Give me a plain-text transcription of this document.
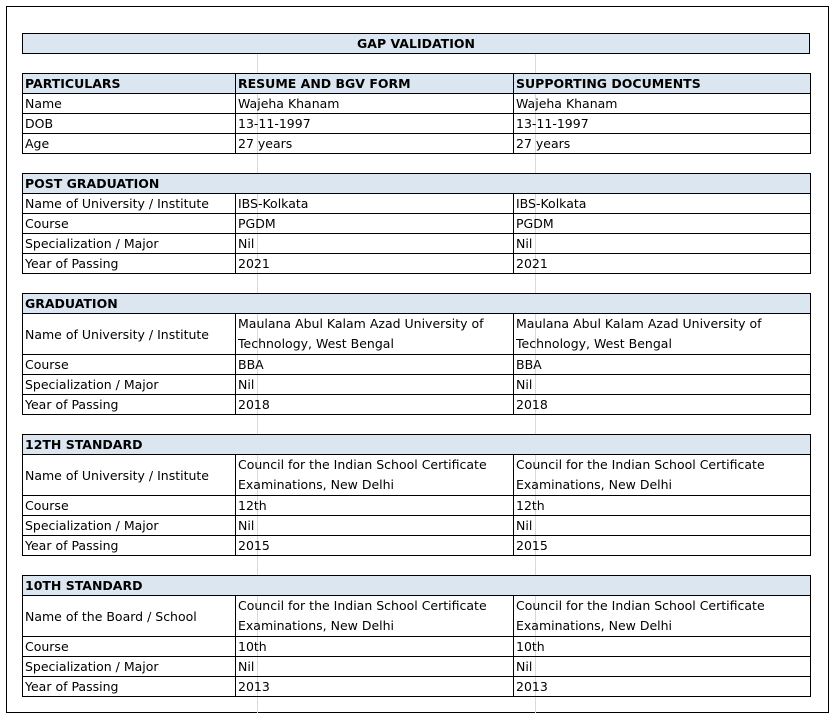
GAP VALIDATION
PARTICULARS	RESUME AND BGV FORM	SUPPORTING DOCUMENTS
Name	Wajeha Khanam	Wajeha Khanam
DOB	13-11-1997	13-11-1997
Age	27 years	27 years
POST GRADUATION		
Name of University / Institute	IBS-Kolkata	IBS-Kolkata
Course	PGDM	PGDM
Specialization / Major	Nil	Nil
Year of Passing	2021	2021
GRADUATION		
Name of University / Institute	Maulana Abul Kalam Azad University of Technology, West Bengal	Maulana Abul Kalam Azad University of Technology, West Bengal
Course	BBA	BBA
Specialization / Major	Nil	Nil
Year of Passing	2018	2018
12TH STANDARD		
Name of University / Institute	Council for the Indian School Certificate Examinations, New Delhi	Council for the Indian School Certificate Examinations, New Delhi
Course	12th	12th
Specialization / Major	Nil	Nil
Year of Passing	2015	2015
10TH STANDARD		
Name of the Board / School	Council for the Indian School Certificate Examinations, New Delhi	Council for the Indian School Certificate Examinations, New Delhi
Course	10th	10th
Specialization / Major	Nil	Nil
Year of Passing	2013	2013
